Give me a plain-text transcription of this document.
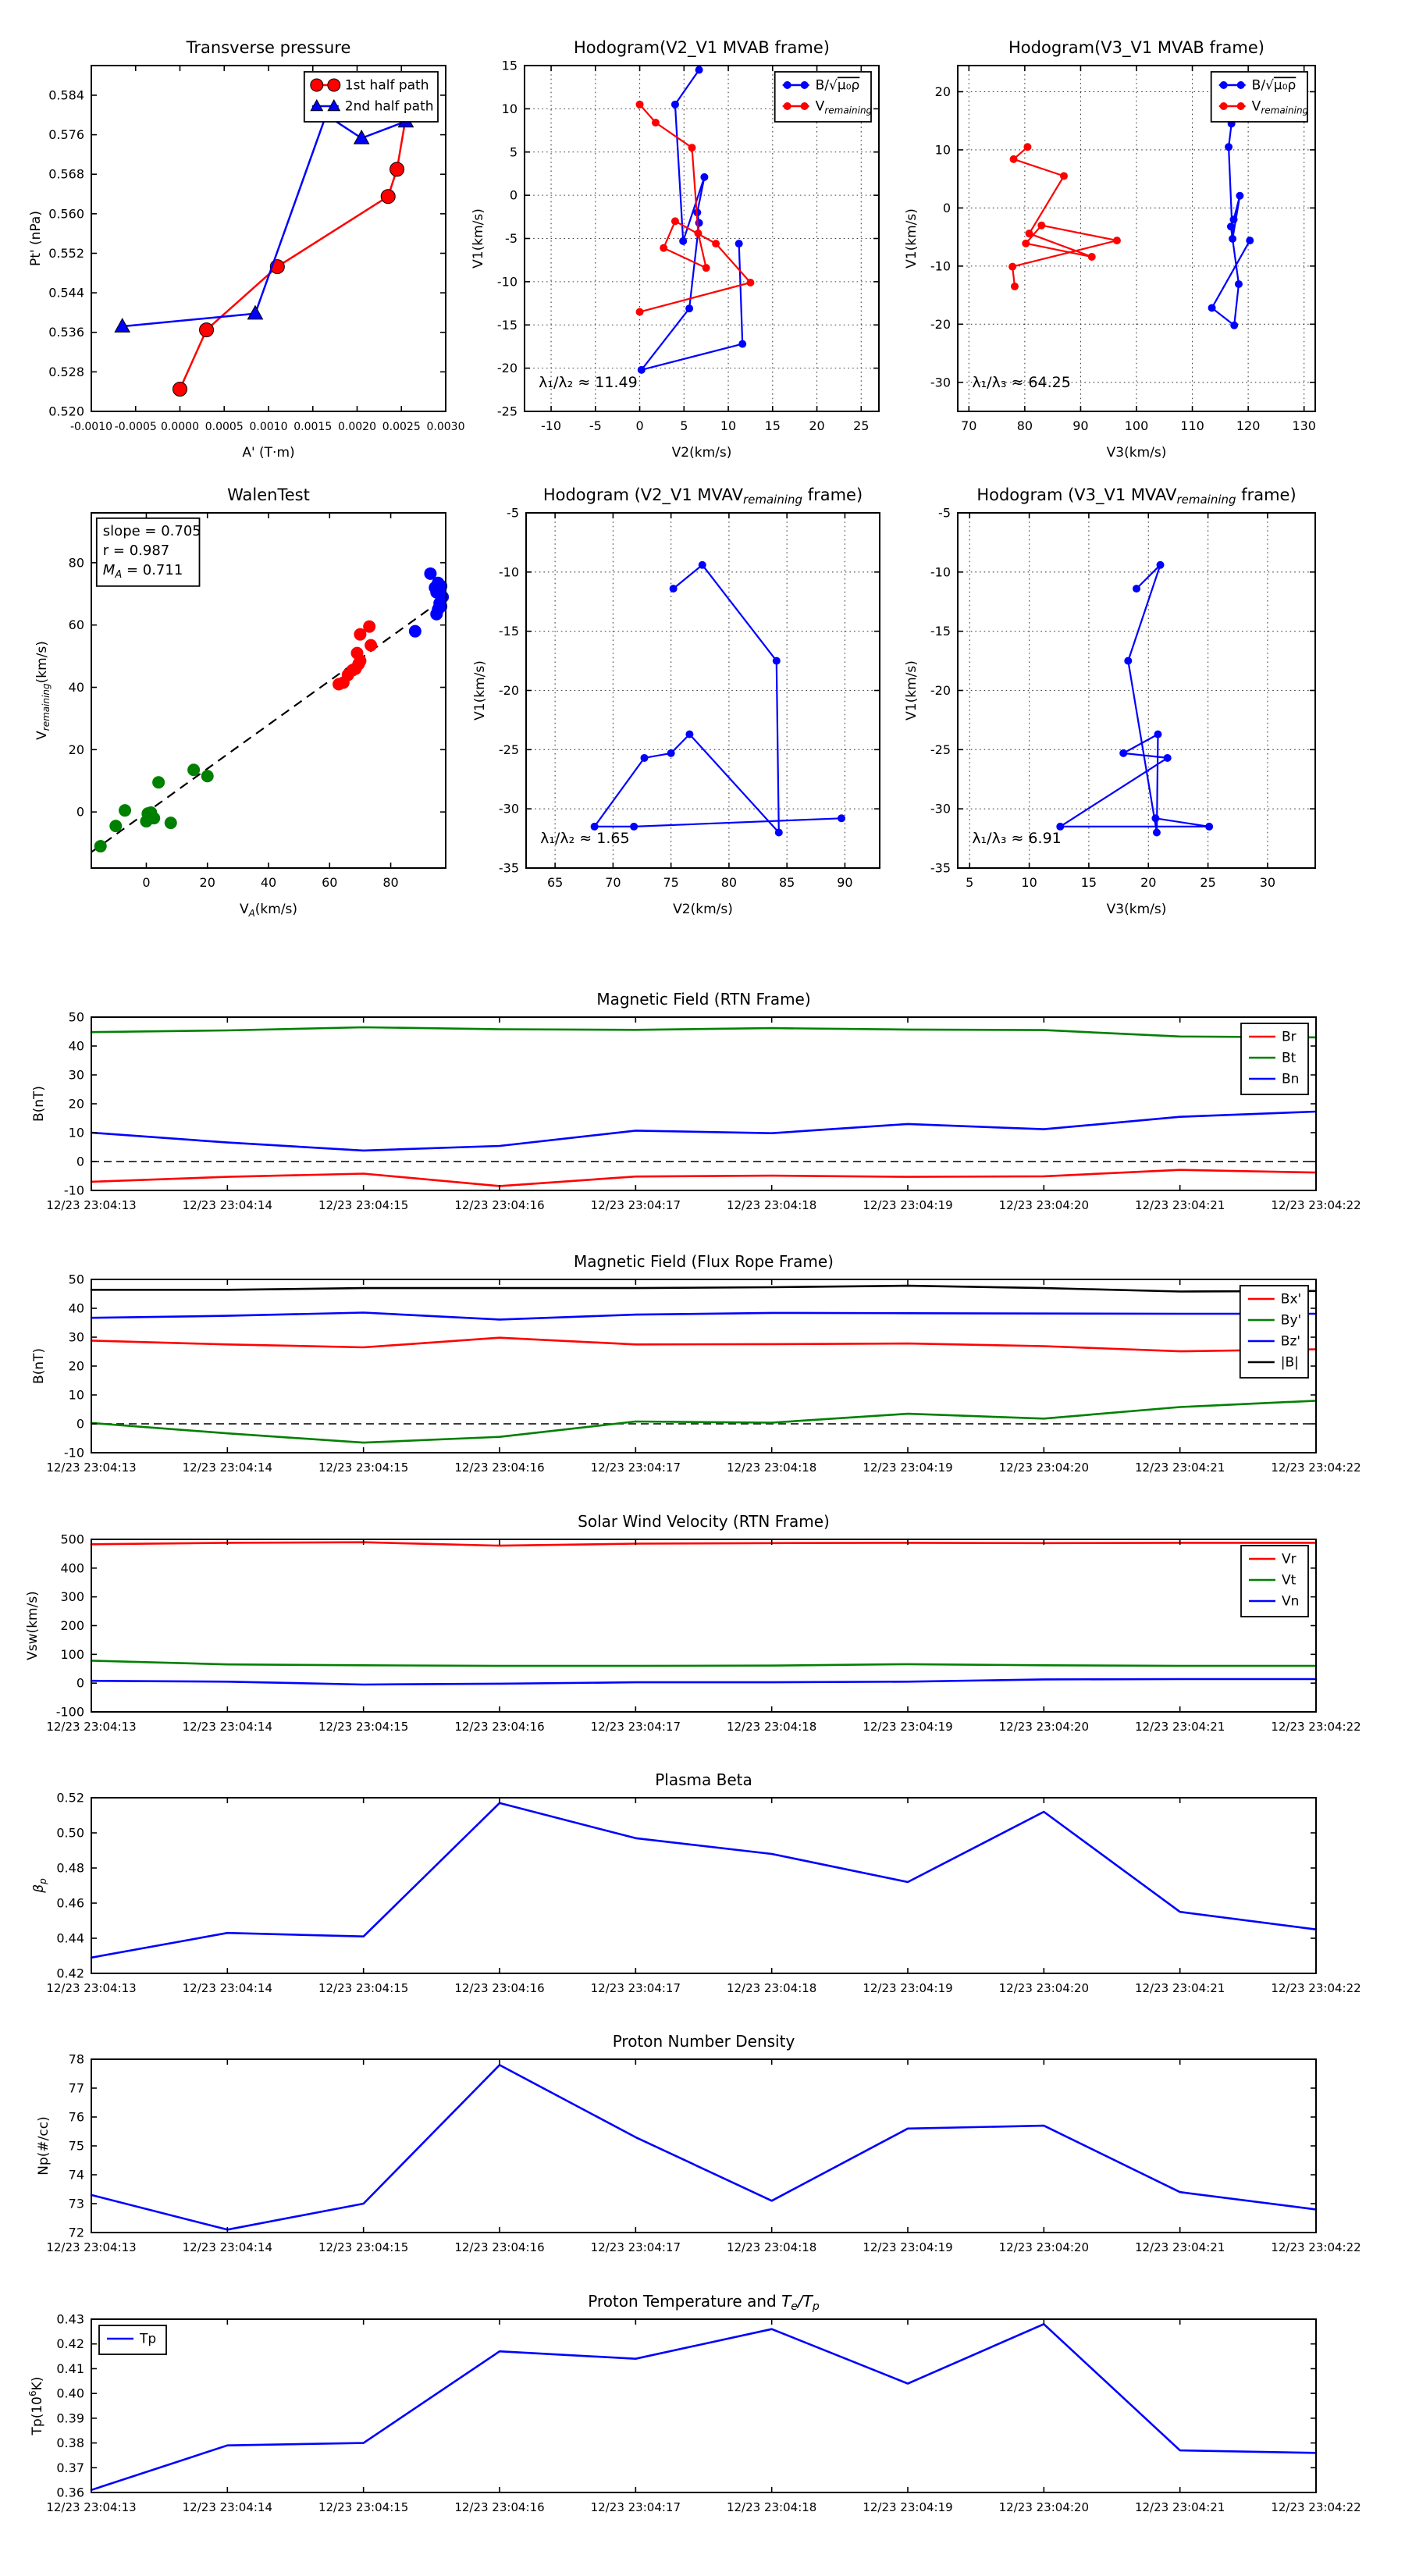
-0.0010 -0.0005 0.0000 0.0005 0.0010 0.0015 0.0020 0.0025 0.0030
0.520
0.528
0.536
0.544
0.552
0.560
0.568
0.576
0.584
Transverse pressure
A' (T·m)
Pt' (nPa)
1st half path
2nd half path
-10 -5	0	5	10 15 20 25
-25
-20
-15
-10
-5
0
5
10
15
Hodogram(V2_V1 MVAB frame)
V2(km/s)
V1(km/s)
B/√μ₀ρ
$V_{remaining}$
λ₁/λ₂ ≈ 11.49
70	80	90	100	110	120	130
-30
-20
-10
0
10
20
Hodogram(V3_V1 MVAB frame)
V3(km/s)
V1(km/s)
B/√μ₀ρ
$V_{remaining}$
λ₁/λ₃ ≈ 64.25
0	20	40	60	80
0
20
40
60
80
WalenTest
$V_A(km/s)$
$V_{remaining}(km/s)$
slope = 0.705
r = 0.987
$M_A = 0.711$
65	70	75	80	85	90
-35
-30
-25
-20
-15
-10
-5
Hodogram (V2_V1 MVAVremaining frame)
V2(km/s)
V1(km/s)
λ₁/λ₂ ≈ 1.65
5	10	15	20	25	30
-35
-30
-25
-20
-15
-10
-5
Hodogram (V3_V1 MVAVremaining frame)
V3(km/s)
V1(km/s)
λ₁/λ₃ ≈ 6.91
12/23 23:04:13	12/23 23:04:14	12/23 23:04:15	12/23 23:04:16	12/23 23:04:17	12/23 23:04:18	12/23 23:04:19	12/23 23:04:20	12/23 23:04:21	12/23 23:04:22
-10
0
10
20
30
40
50
Magnetic Field (RTN Frame)
B(nT)
Br
Bt
Bn
12/23 23:04:13	12/23 23:04:14	12/23 23:04:15	12/23 23:04:16	12/23 23:04:17	12/23 23:04:18	12/23 23:04:19	12/23 23:04:20	12/23 23:04:21	12/23 23:04:22
-10
0
10
20
30
40
50
Magnetic Field (Flux Rope Frame)
B(nT)
Bx'
By'
Bz'
|B|
12/23 23:04:13	12/23 23:04:14	12/23 23:04:15	12/23 23:04:16	12/23 23:04:17	12/23 23:04:18	12/23 23:04:19	12/23 23:04:20	12/23 23:04:21	12/23 23:04:22
-100
0
100
200
300
400
500
Solar Wind Velocity (RTN Frame)
Vsw(km/s)
Vr
Vt
Vn
12/23 23:04:13	12/23 23:04:14	12/23 23:04:15	12/23 23:04:16	12/23 23:04:17	12/23 23:04:18	12/23 23:04:19	12/23 23:04:20	12/23 23:04:21	12/23 23:04:22
0.42
0.44
0.46
0.48
0.50
0.52
Plasma Beta
$\beta_p$
12/23 23:04:13	12/23 23:04:14	12/23 23:04:15	12/23 23:04:16	12/23 23:04:17	12/23 23:04:18	12/23 23:04:19	12/23 23:04:20	12/23 23:04:21	12/23 23:04:22
72
73
74
75
76
77
78
Proton Number Density
Np(#/cc)
12/23 23:04:13	12/23 23:04:14	12/23 23:04:15	12/23 23:04:16	12/23 23:04:17	12/23 23:04:18	12/23 23:04:19	12/23 23:04:20	12/23 23:04:21	12/23 23:04:22
0.36
0.37
0.38
0.39
0.40
0.41
0.42
0.43
Proton Temperature and $T_e/T_p$
$Tp(10^6K)$
Tp
